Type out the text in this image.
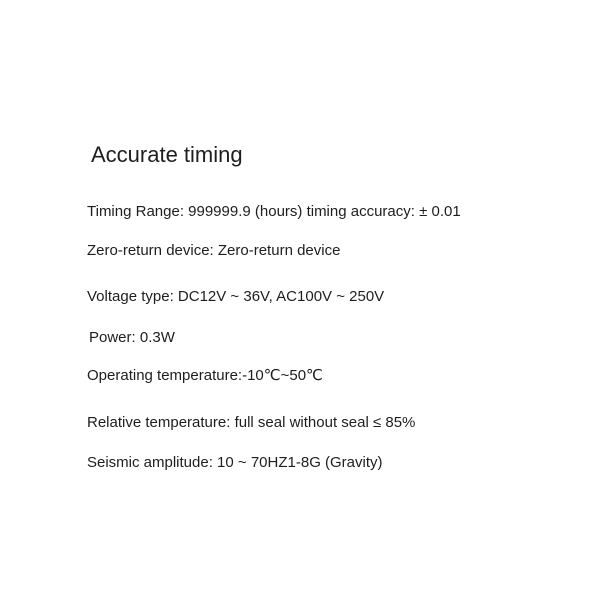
Accurate timing
Timing Range: 999999.9 (hours) timing accuracy: ± 0.01
Zero-return device: Zero-return device
Voltage type: DC12V ~ 36V, AC100V ~ 250V
Power: 0.3W
Operating temperature:-10℃~50℃
Relative temperature: full seal without seal ≤ 85%
Seismic amplitude: 10 ~ 70HZ1-8G (Gravity)
